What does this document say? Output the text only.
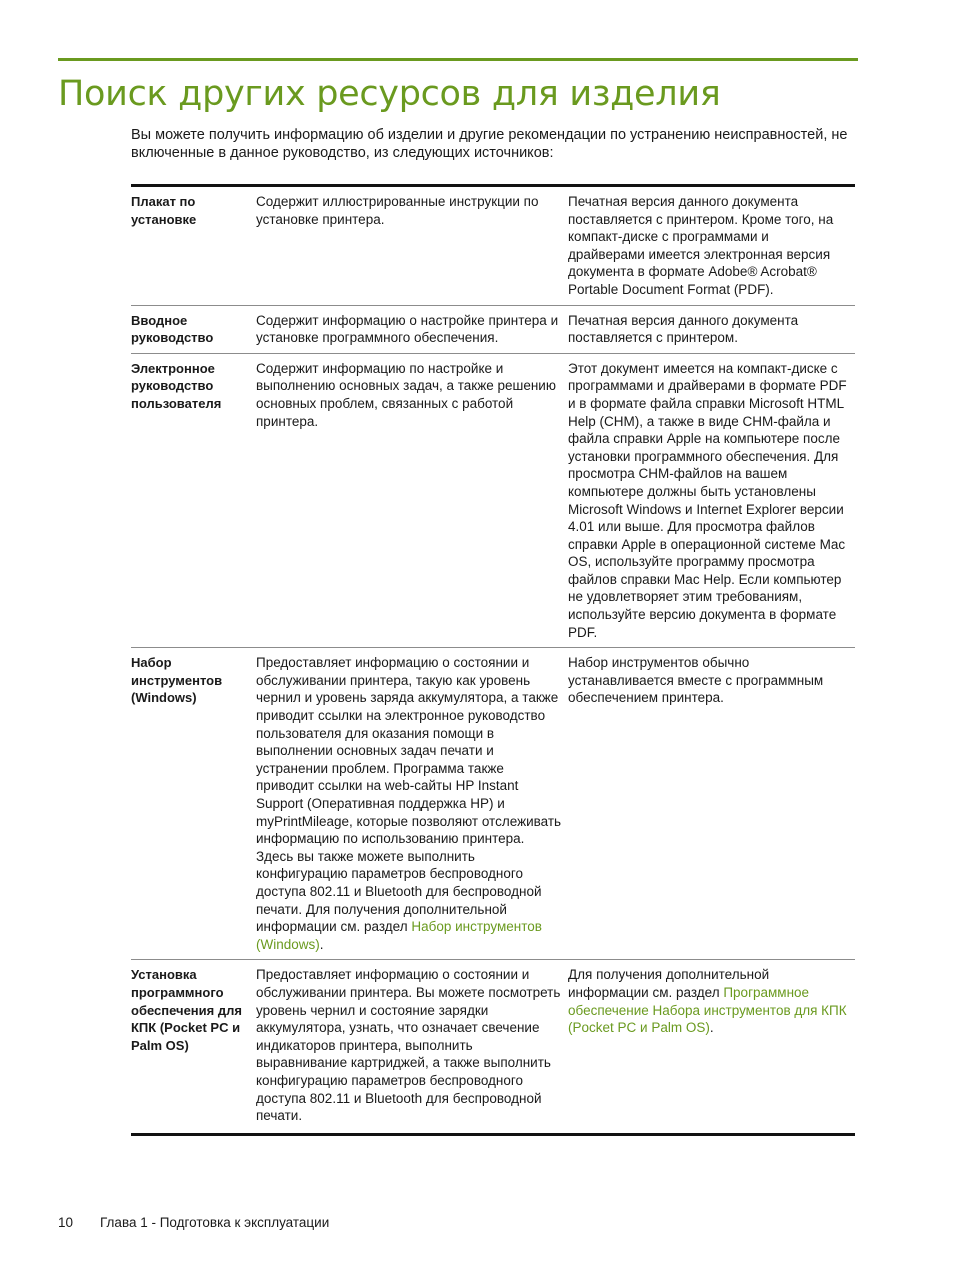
Поиск других ресурсов для изделия

Вы можете получить информацию об изделии и другие рекомендации по устранению неисправностей, не включенные в данное руководство, из следующих источников:

Плакат по установке	Содержит иллюстрированные инструкции по установке принтера.	Печатная версия данного документа поставляется с принтером. Кроме того, на компакт-диске с программами и драйверами имеется электронная версия документа в формате Adobe® Acrobat® Portable Document Format (PDF).

Вводное руководство	Содержит информацию о настройке принтера и установке программного обеспечения.	Печатная версия данного документа поставляется с принтером.

Электронное руководство пользователя	Содержит информацию по настройке и выполнению основных задач, а также решению основных проблем, связанных с работой принтера.	Этот документ имеется на компакт-диске с программами и драйверами в формате PDF и в формате файла справки Microsoft HTML Help (CHM), а также в виде CHM-файла и файла справки Apple на компьютере после установки программного обеспечения. Для просмотра CHM-файлов на вашем компьютере должны быть установлены Microsoft Windows и Internet Explorer версии 4.01 или выше. Для просмотра файлов справки Apple в операционной системе Mac OS, используйте программу просмотра файлов справки Mac Help. Если компьютер не удовлетворяет этим требованиям, используйте версию документа в формате PDF.

Набор инструментов (Windows)	Предоставляет информацию о состоянии и обслуживании принтера, такую как уровень чернил и уровень заряда аккумулятора, а также приводит ссылки на электронное руководство пользователя для оказания помощи в выполнении основных задач печати и устранении проблем. Программа также приводит ссылки на web-сайты HP Instant Support (Оперативная поддержка HP) и myPrintMileage, которые позволяют отслеживать информацию по использованию принтера. Здесь вы также можете выполнить конфигурацию параметров беспроводного доступа 802.11 и Bluetooth для беспроводной печати. Для получения дополнительной информации см. раздел Набор инструментов (Windows).	Набор инструментов обычно устанавливается вместе с программным обеспечением принтера.

Установка программного обеспечения для КПК (Pocket PC и Palm OS)	Предоставляет информацию о состоянии и обслуживании принтера. Вы можете посмотреть уровень чернил и состояние зарядки аккумулятора, узнать, что означает свечение индикаторов принтера, выполнить выравнивание картриджей, а также выполнить конфигурацию параметров беспроводного доступа 802.11 и Bluetooth для беспроводной печати.	Для получения дополнительной информации см. раздел Программное обеспечение Набора инструментов для КПК (Pocket PC и Palm OS).
10 Глава 1 - Подготовка к эксплуатации
